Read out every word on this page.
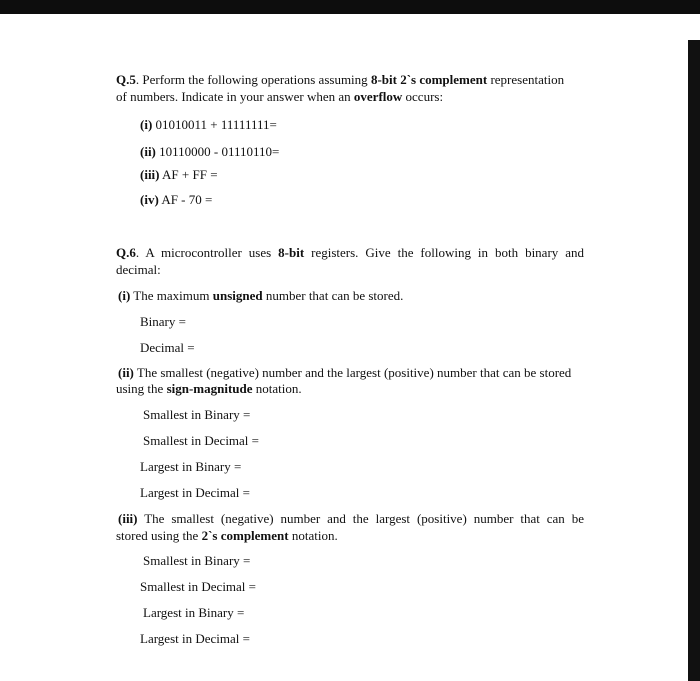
Q.5. Perform the following operations assuming 8-bit 2`s complement representation
of numbers. Indicate in your answer when an overflow occurs:
(i) 01010011 + 11111111=
(ii) 10110000 - 01110110=
(iii) AF + FF =
(iv) AF - 70 =
Q.6. A microcontroller uses 8-bit registers. Give the following in both binary and
decimal:
(i) The maximum unsigned number that can be stored.
Binary =
Decimal =
(ii) The smallest (negative) number and the largest (positive) number that can be stored
using the sign-magnitude notation.
Smallest in Binary =
Smallest in Decimal =
Largest in Binary =
Largest in Decimal =
(iii) The smallest (negative) number and the largest (positive) number that can be
stored using the 2`s complement notation.
Smallest in Binary =
Smallest in Decimal =
Largest in Binary =
Largest in Decimal =
